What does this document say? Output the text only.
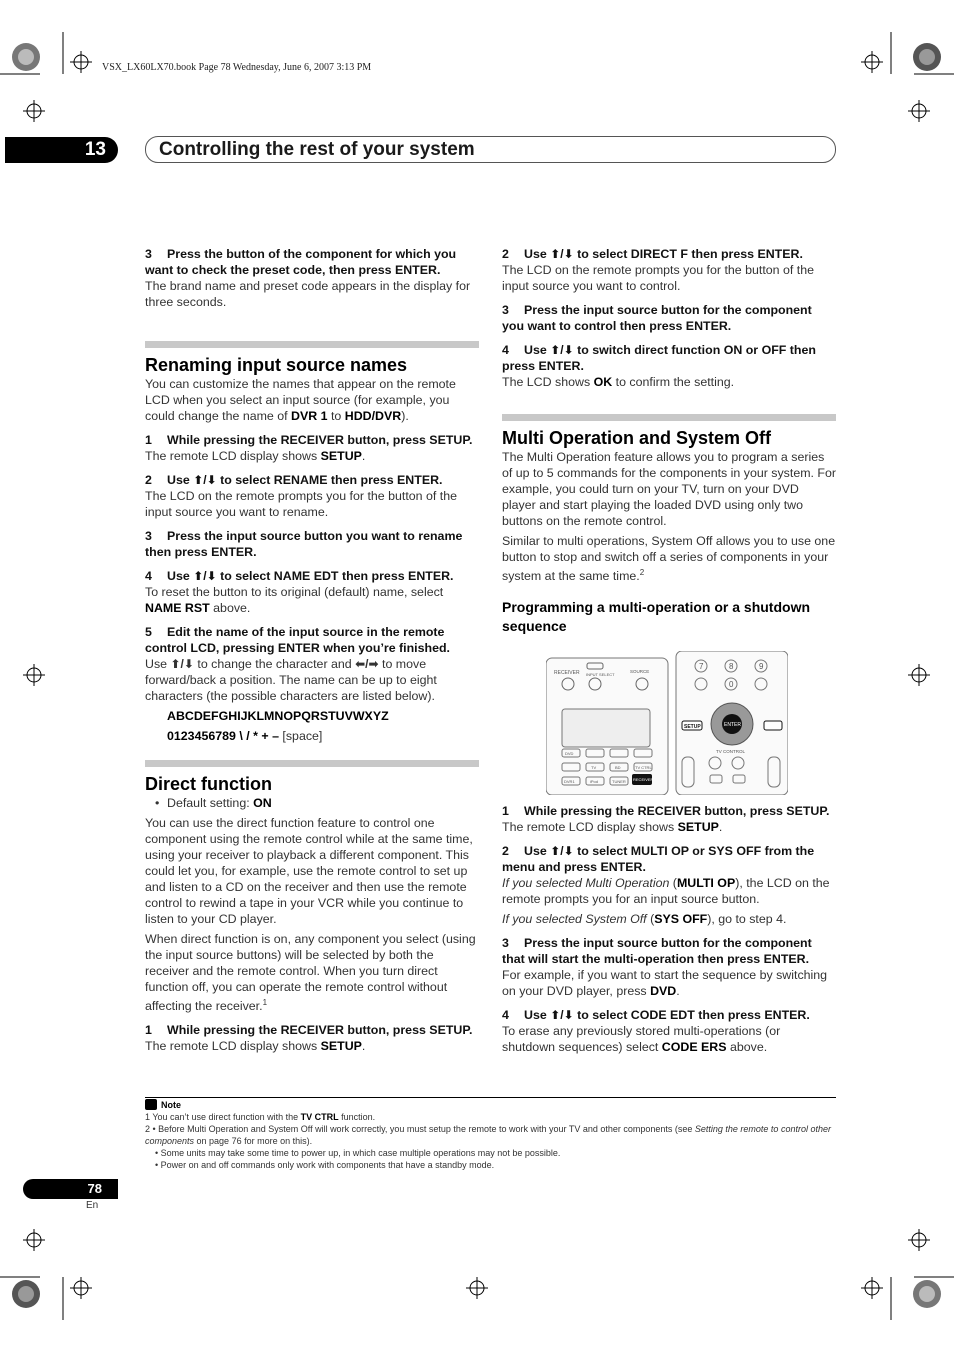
VSX_LX60LX70.book Page 78 Wednesday, June 6, 2007 3:13 PM
13	Controlling the rest of your system

3 Press the button of the component for which you want to check the preset code, then press ENTER.

The brand name and preset code appears in the display for three seconds.

Renaming input source names

You can customize the names that appear on the remote LCD when you select an input source (for example, you could change the name of DVR 1 to HDD/DVR).

1 While pressing the RECEIVER button, press SETUP.

The remote LCD display shows SETUP.

2 Use ⬆/⬇ to select RENAME then press ENTER.

The LCD on the remote prompts you for the button of the input source you want to rename.

3 Press the input source button you want to rename then press ENTER.

4 Use ⬆/⬇ to select NAME EDT then press ENTER.

To reset the button to its original (default) name, select NAME RST above.

5 Edit the name of the input source in the remote control LCD, pressing ENTER when you’re finished.

Use ⬆/⬇ to change the character and ⬅/➡ to move forward/back a position. The name can be up to eight characters (the possible characters are listed below).

ABCDEFGHIJKLMNOPQRSTUVWXYZ

0123456789 \ / * + – [space]

Direct function

• Default setting: ON

You can use the direct function feature to control one component using the remote control while at the same time, using your receiver to playback a different component. This could let you, for example, use the remote control to set up and listen to a CD on the receiver and then use the remote control to rewind a tape in your VCR while you continue to listen to your CD player.

When direct function is on, any component you select (using the input source buttons) will be selected by both the receiver and the remote control. When you turn direct function off, you can operate the remote control without affecting the receiver.$^1$

1 While pressing the RECEIVER button, press SETUP.

The remote LCD display shows SETUP.

2 Use ⬆/⬇ to select DIRECT F then press ENTER.

The LCD on the remote prompts you for the button of the input source you want to control.

3 Press the input source button for the component you want to control then press ENTER.

4 Use ⬆/⬇ to switch direct function ON or OFF then press ENTER.

The LCD shows OK to confirm the setting.

Multi Operation and System Off

The Multi Operation feature allows you to program a series of up to 5 commands for the components in your system. For example, you could turn on your TV, turn on your DVD player and start playing the loaded DVD using only two buttons on the remote control.

Similar to multi operations, System Off allows you to use one button to stop and switch off a series of components in your system at the same time.$^2$

Programming a multi-operation or a shutdown sequence
RECEIVER INPUT SELECT
SOURCE
DVD
TV	BD	TV CTRL
DVR1	iPod	TUNER RECEIVER
7	8	9
0
ENTER
SETUP
TV CONTROL

1 While pressing the RECEIVER button, press SETUP.

The remote LCD display shows SETUP.

2 Use ⬆/⬇ to select MULTI OP or SYS OFF from the menu and press ENTER.

If you selected Multi Operation (MULTI OP), the LCD on the remote prompts you for an input source button.

If you selected System Off (SYS OFF), go to step 4.

3 Press the input source button for the component that will start the multi-operation then press ENTER.

For example, if you want to start the sequence by switching on your DVD player, press DVD.

4 Use ⬆/⬇ to select CODE EDT then press ENTER.

To erase any previously stored multi-operations (or shutdown sequences) select CODE ERS above.

Note

1 You can’t use direct function with the TV CTRL function.

2 • Before Multi Operation and System Off will work correctly, you must setup the remote to work with your TV and other components (see Setting the remote to control other components on page 76 for more on this).

• Some units may take some time to power up, in which case multiple operations may not be possible.

• Power on and off commands only work with components that have a standby mode.

78
En
